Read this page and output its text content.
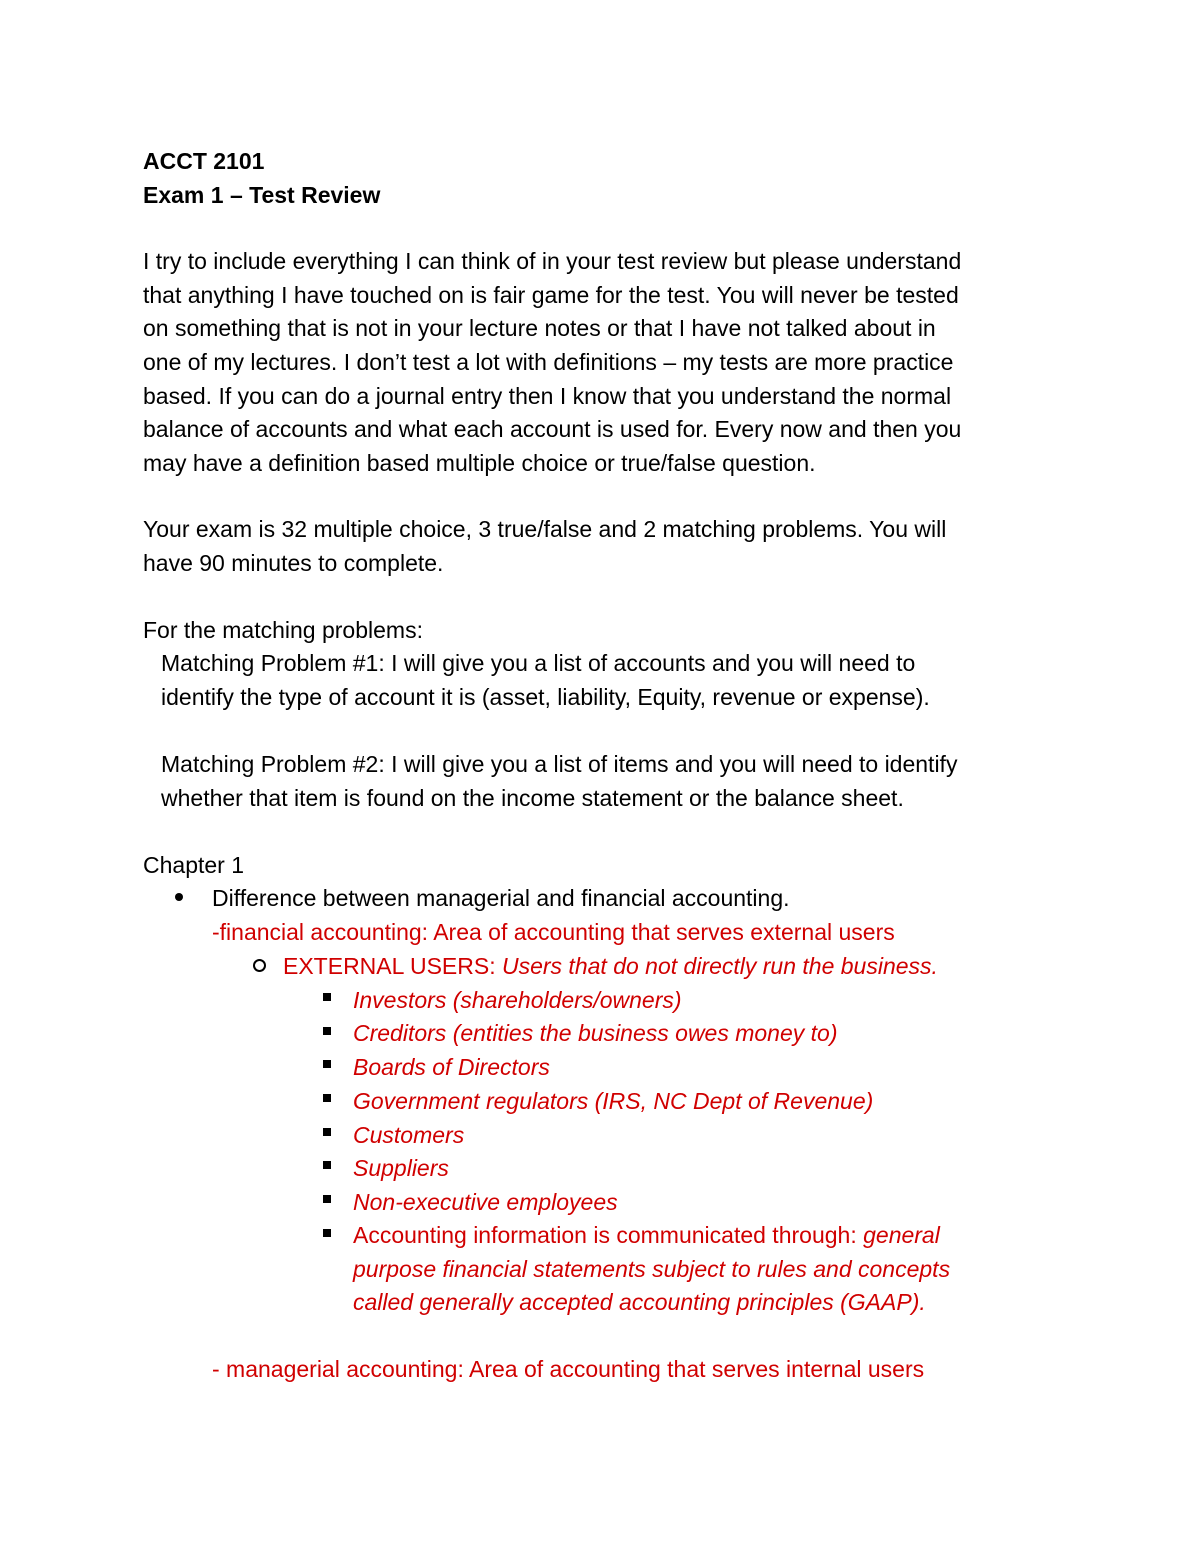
ACCT 2101
Exam 1 – Test Review
I try to include everything I can think of in your test review but please understand
that anything I have touched on is fair game for the test. You will never be tested
on something that is not in your lecture notes or that I have not talked about in
one of my lectures. I don’t test a lot with definitions – my tests are more practice
based. If you can do a journal entry then I know that you understand the normal
balance of accounts and what each account is used for. Every now and then you
may have a definition based multiple choice or true/false question.
Your exam is 32 multiple choice, 3 true/false and 2 matching problems. You will
have 90 minutes to complete.
For the matching problems:
Matching Problem #1: I will give you a list of accounts and you will need to
identify the type of account it is (asset, liability, Equity, revenue or expense).
Matching Problem #2: I will give you a list of items and you will need to identify
whether that item is found on the income statement or the balance sheet.
Chapter 1
Difference between managerial and financial accounting.
-financial accounting: Area of accounting that serves external users
EXTERNAL USERS: Users that do not directly run the business.
Investors (shareholders/owners)
Creditors (entities the business owes money to)
Boards of Directors
Government regulators (IRS, NC Dept of Revenue)
Customers
Suppliers
Non-executive employees
Accounting information is communicated through: general
purpose financial statements subject to rules and concepts
called generally accepted accounting principles (GAAP).
- managerial accounting: Area of accounting that serves internal users
